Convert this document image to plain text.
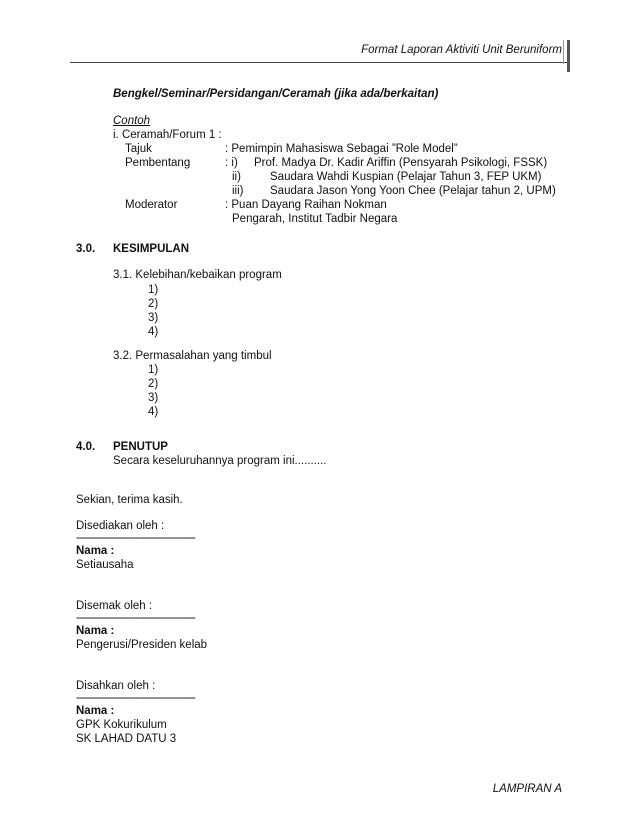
Format Laporan Aktiviti Unit Beruniform
Bengkel/Seminar/Persidangan/Ceramah (jika ada/berkaitan)
Contoh
i. Ceramah/Forum 1 :
Tajuk	: Pemimpin Mahasiswa Sebagai ”Role Model”
Pembentang	: i) Prof. Madya Dr. Kadir Ariffin (Pensyarah Psikologi, FSSK)
ii)	Saudara Wahdi Kuspian (Pelajar Tahun 3, FEP UKM)
iii) Saudara Jason Yong Yoon Chee (Pelajar tahun 2, UPM)
Moderator	: Puan Dayang Raihan Nokman
Pengarah, Institut Tadbir Negara
3.0. KESIMPULAN
3.1. Kelebihan/kebaikan program
1)
2)
3)
4)
3.2. Permasalahan yang timbul
1)
2)
3)
4)
4.0. PENUTUP
Secara keseluruhannya program ini..........
Sekian, terima kasih.
Disediakan oleh :
------------------------------------------
Nama :
Setiausaha
Disemak oleh :
------------------------------------------
Nama :
Pengerusi/Presiden kelab
Disahkan oleh :
------------------------------------------
Nama :
GPK Kokurikulum
SK LAHAD DATU 3
LAMPIRAN A
